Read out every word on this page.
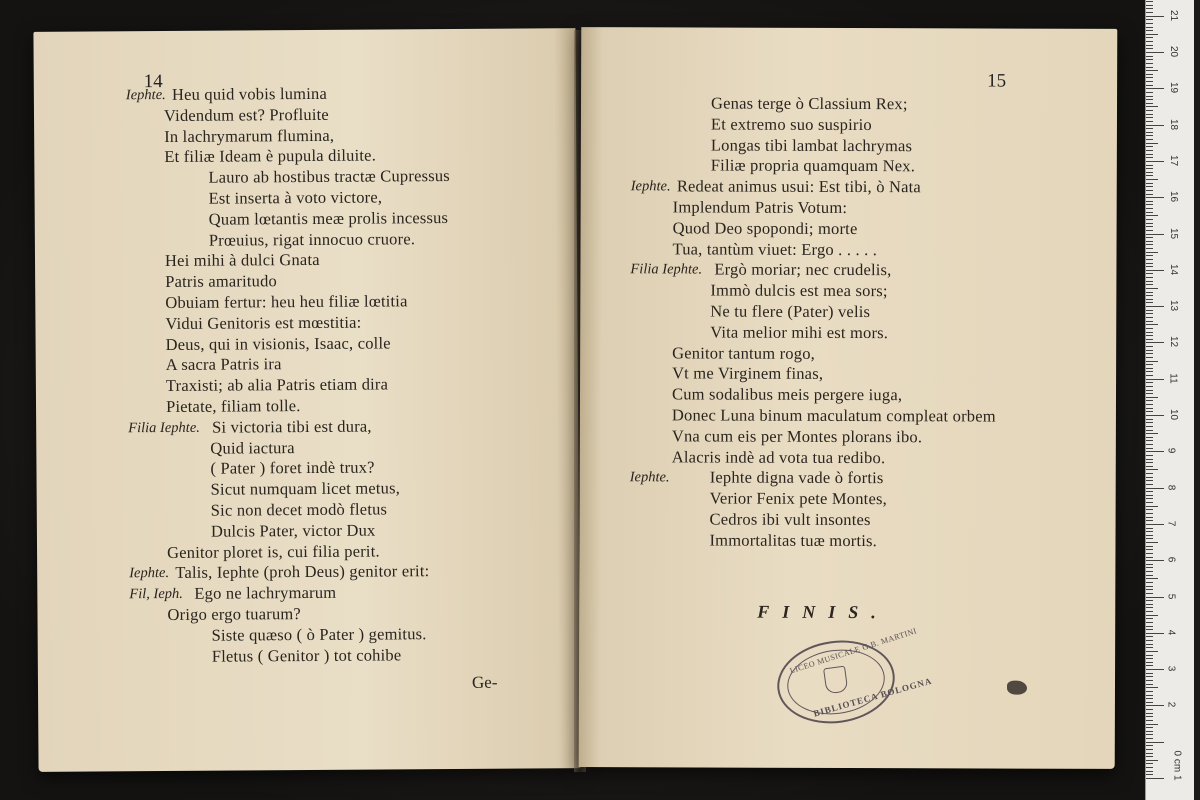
14
Iephte. Heu quid vobis lumina
Videndum est? Profluite
In lachrymarum flumina,
Et filiæ Ideam è pupula diluite.
Lauro ab hostibus tractæ Cupressus
Est inserta à voto victore,
Quam lœtantis meæ prolis incessus
Prœuius, rigat innocuo cruore.
Hei mihi à dulci Gnata
Patris amaritudo
Obuiam fertur: heu heu filiæ lœtitia
Vidui Genitoris est mœstitia:
Deus, qui in visionis, Isaac, colle
A sacra Patris ira
Traxisti; ab alia Patris etiam dira
Pietate, filiam tolle.
Filia Iephte. Si victoria tibi est dura,
Quid iactura
( Pater ) foret indè trux?
Sicut numquam licet metus,
Sic non decet modò fletus
Dulcis Pater, victor Dux
Genitor ploret is, cui filia perit.
Iephte. Talis, Iephte (proh Deus) genitor erit:
Fil, Ieph. Ego ne lachrymarum
Origo ergo tuarum?
Siste quæso ( ò Pater ) gemitus.
Fletus ( Genitor ) tot cohibe
Ge-
15
Genas terge ò Classium Rex;
Et extremo suo suspirio
Longas tibi lambat lachrymas
Filiæ propria quamquam Nex.
Iephte. Redeat animus usui: Est tibi, ò Nata
Implendum Patris Votum:
Quod Deo spopondi; morte
Tua, tantùm viuet: Ergo . . . . .
Filia Iephte. Ergò moriar; nec crudelis,
Immò dulcis est mea sors;
Ne tu flere (Pater) velis
Vita melior mihi est mors.
Genitor tantum rogo,
Vt me Virginem finas,
Cum sodalibus meis pergere iuga,
Donec Luna binum maculatum compleat orbem
Vna cum eis per Montes plorans ibo.
Alacris indè ad vota tua redibo.
Iephte. Iephte digna vade ò fortis
Verior Fenix pete Montes,
Cedros ibi vult insontes
Immortalitas tuæ mortis.
FINIS.
LICEO MUSICALE G.B. MARTINI
BIBLIOTECA BOLOGNA	2
3
4
5
6
7
8
9
10
11
12
13
14
15
16
17
18
19
20
21
0 cm 1
